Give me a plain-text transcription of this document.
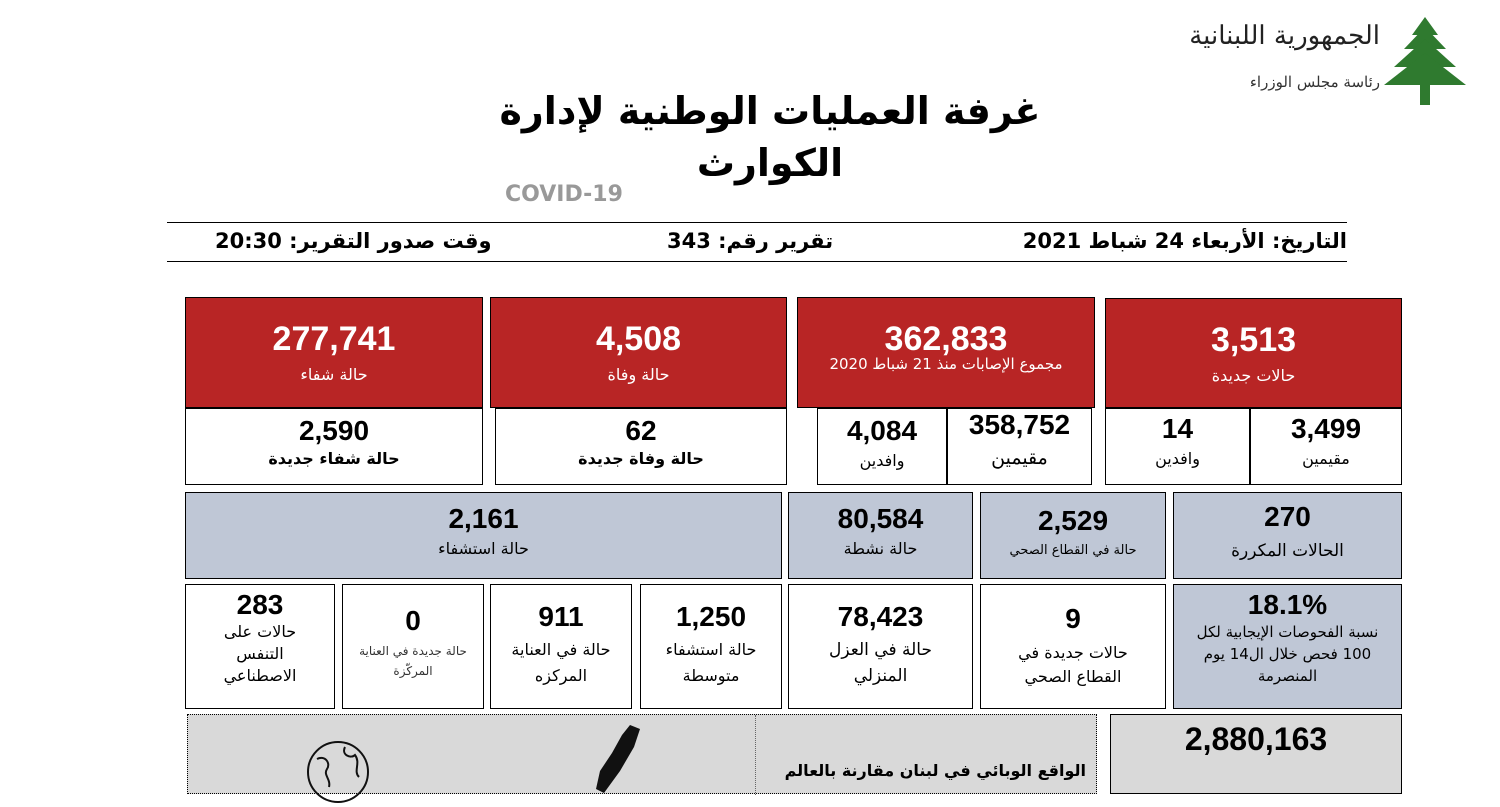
الجمهورية اللبنانية
رئاسة مجلس الوزراء
غرفة العمليات الوطنية لإدارة
الكوارث
COVID-19
التاريخ: الأربعاء 24 شباط 2021
تقرير رقم: 343
وقت صدور التقرير: 20:30
3,513
حالات جديدة
362,833
مجموع الإصابات منذ 21 شباط 2020
4,508
حالة وفاة
277,741
حالة شفاء
3,499
مقيمين
14
وافدين
358,752
مقيمين
4,084
وافدين
62
حالة وفاة جديدة
2,590
حالة شفاء جديدة
270
الحالات المكررة
2,529
حالة في القطاع الصحي
80,584
حالة نشطة
2,161
حالة استشفاء
18.1%
نسبة الفحوصات الإيجابية لكل 100 فحص خلال ال14 يوم المنصرمة
9
حالات جديدة في القطاع الصحي
78,423
حالة في العزل المنزلي
1,250
حالة استشفاء متوسطة
911
حالة في العناية المركزه
0
حالة جديدة في العناية المركّزة
283
حالات على التنفس الاصطناعي
2,880,163
الواقع الوبائي في لبنان مقارنة بالعالم
